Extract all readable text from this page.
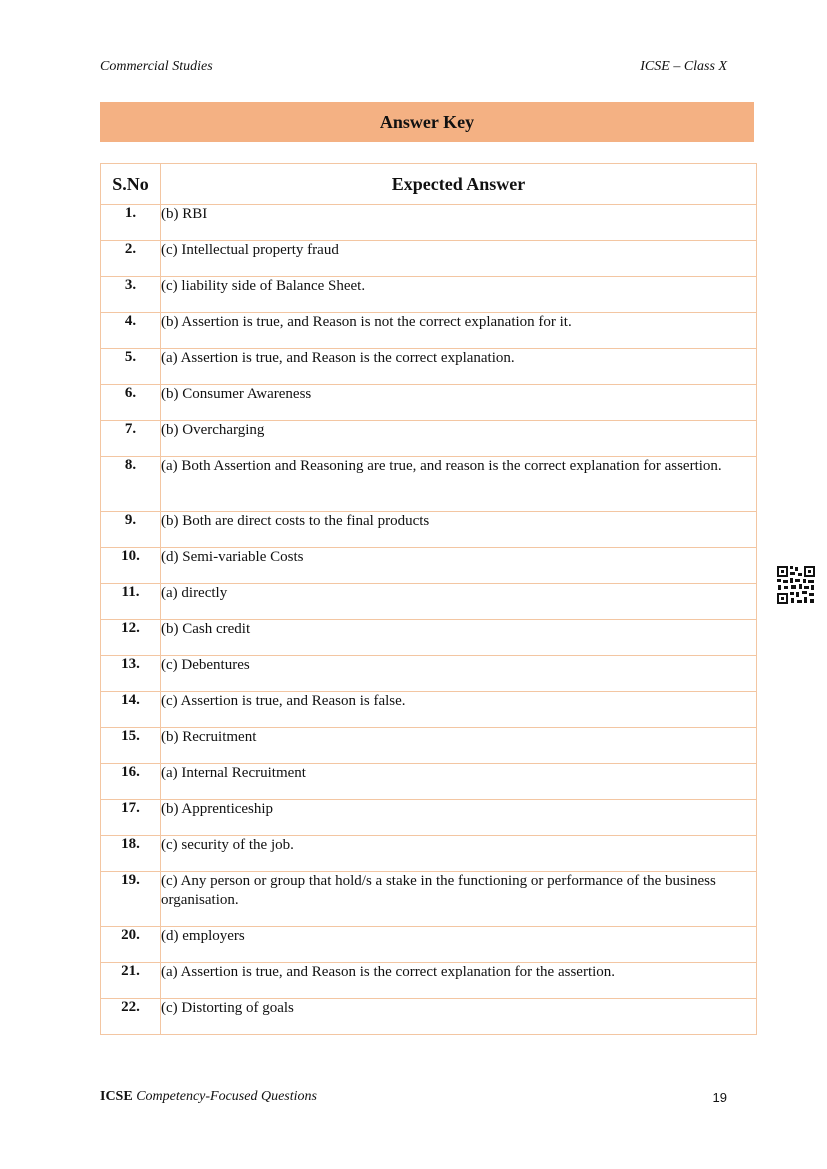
Commercial Studies	ICSE – Class X
Answer Key
S.No	Expected Answer
1.	(b) RBI
2.	(c) Intellectual property fraud
3.	(c) liability side of Balance Sheet.
4.	(b) Assertion is true, and Reason is not the correct explanation for it.
5.	(a) Assertion is true, and Reason is the correct explanation.
6.	(b) Consumer Awareness
7.	(b) Overcharging
8.	(a) Both Assertion and Reasoning are true, and reason is the correct explanation for assertion.
9.	(b) Both are direct costs to the final products
10.	(d) Semi-variable Costs
11.	(a) directly
12.	(b) Cash credit
13.	(c) Debentures
14.	(c) Assertion is true, and Reason is false.
15.	(b) Recruitment
16.	(a) Internal Recruitment
17.	(b) Apprenticeship
18.	(c) security of the job.
19.	(c) Any person or group that hold/s a stake in the functioning or performance of the business organisation.
20.	(d) employers
21.	(a) Assertion is true, and Reason is the correct explanation for the assertion.
22.	(c) Distorting of goals
ICSE Competency-Focused Questions	19
